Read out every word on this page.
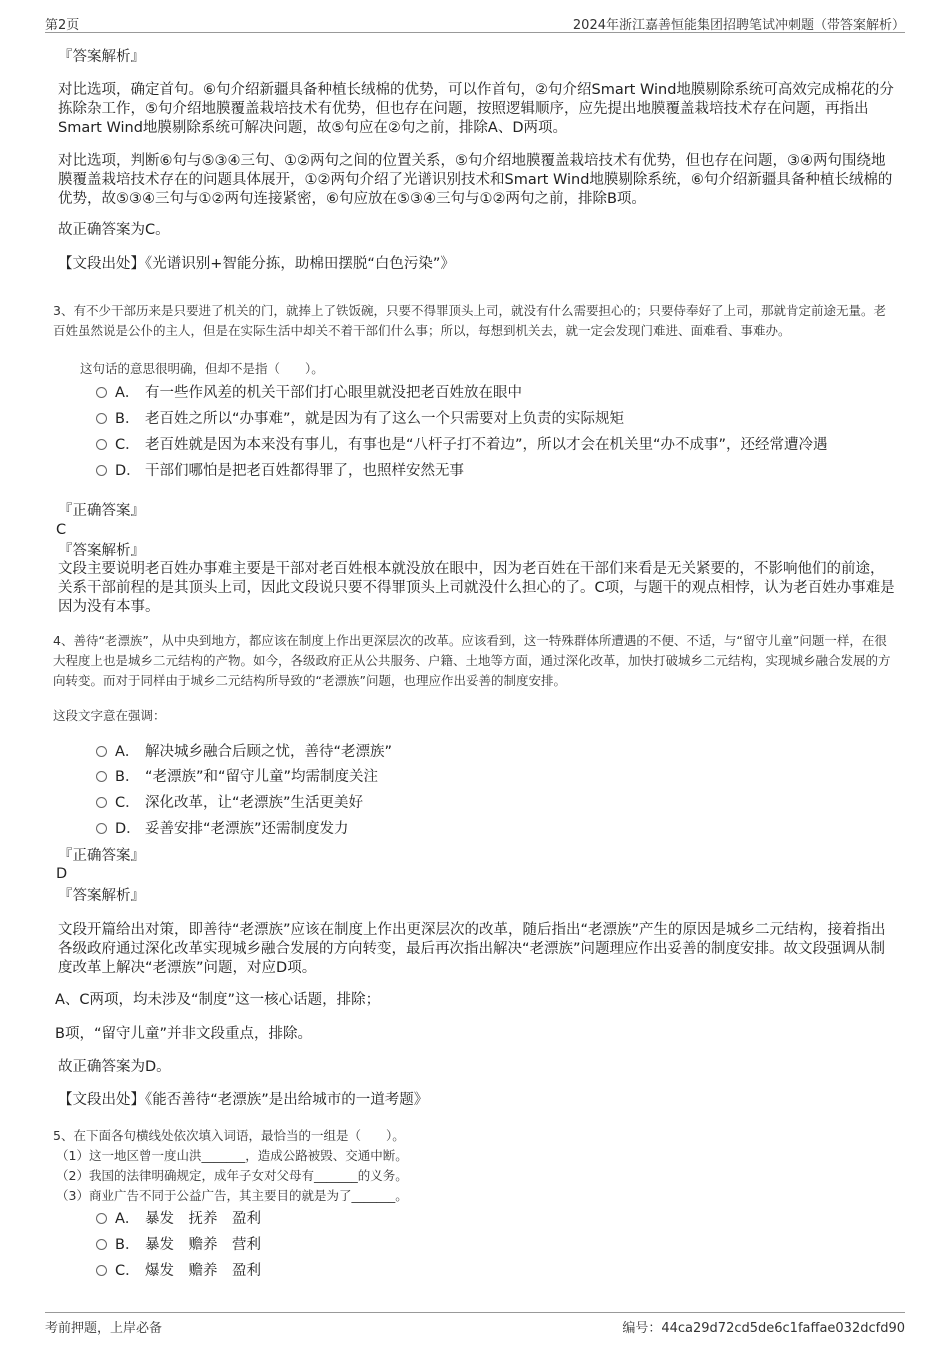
第2页	2024年浙江嘉善恒能集团招聘笔试冲刺题（带答案解析）

『答案解析』

对比选项，确定首句。⑥句介绍新疆具备种植长绒棉的优势，可以作首句，②句介绍Smart Wind地膜剔除系统可高效完成棉花的分拣除杂工作，⑤句介绍地膜覆盖栽培技术有优势，但也存在问题，按照逻辑顺序，应先提出地膜覆盖栽培技术存在问题，再指出Smart Wind地膜剔除系统可解决问题，故⑤句应在②句之前，排除A、D两项。

对比选项，判断⑥句与⑤③④三句、①②两句之间的位置关系，⑤句介绍地膜覆盖栽培技术有优势，但也存在问题，③④两句围绕地膜覆盖栽培技术存在的问题具体展开，①②两句介绍了光谱识别技术和Smart Wind地膜剔除系统，⑥句介绍新疆具备种植长绒棉的优势，故⑤③④三句与①②两句连接紧密，⑥句应放在⑤③④三句与①②两句之前，排除B项。

故正确答案为C。

【文段出处】《光谱识别+智能分拣，助棉田摆脱“白色污染”》

3、有不少干部历来是只要进了机关的门，就捧上了铁饭碗，只要不得罪顶头上司，就没有什么需要担心的；只要侍奉好了上司，那就肯定前途无量。老百姓虽然说是公仆的主人，但是在实际生活中却关不着干部们什么事；所以，每想到机关去，就一定会发现门难进、面难看、事难办。

这句话的意思很明确，但却不是指（　　）。

A． 有一些作风差的机关干部们打心眼里就没把老百姓放在眼中
B． 老百姓之所以“办事难”，就是因为有了这么一个只需要对上负责的实际规矩
C． 老百姓就是因为本来没有事儿，有事也是“八杆子打不着边”，所以才会在机关里“办不成事”，还经常遭冷遇
D． 干部们哪怕是把老百姓都得罪了，也照样安然无事

『正确答案』

C

『答案解析』

文段主要说明老百姓办事难主要是干部对老百姓根本就没放在眼中，因为老百姓在干部们来看是无关紧要的，不影响他们的前途，关系干部前程的是其顶头上司，因此文段说只要不得罪顶头上司就没什么担心的了。C项，与题干的观点相悖，认为老百姓办事难是因为没有本事。

4、善待“老漂族”，从中央到地方，都应该在制度上作出更深层次的改革。应该看到，这一特殊群体所遭遇的不便、不适，与“留守儿童”问题一样，在很大程度上也是城乡二元结构的产物。如今，各级政府正从公共服务、户籍、土地等方面，通过深化改革，加快打破城乡二元结构，实现城乡融合发展的方向转变。而对于同样由于城乡二元结构所导致的“老漂族”问题，也理应作出妥善的制度安排。

这段文字意在强调：

A． 解决城乡融合后顾之忧，善待“老漂族”
B． “老漂族”和“留守儿童”均需制度关注
C． 深化改革，让“老漂族”生活更美好
D． 妥善安排“老漂族”还需制度发力

『正确答案』

D

『答案解析』

文段开篇给出对策，即善待“老漂族”应该在制度上作出更深层次的改革，随后指出“老漂族”产生的原因是城乡二元结构，接着指出各级政府通过深化改革实现城乡融合发展的方向转变，最后再次指出解决“老漂族”问题理应作出妥善的制度安排。故文段强调从制度改革上解决“老漂族”问题，对应D项。

A、C两项，均未涉及“制度”这一核心话题，排除；

B项，“留守儿童”并非文段重点，排除。

故正确答案为D。

【文段出处】《能否善待“老漂族”是出给城市的一道考题》

5、在下面各句横线处依次填入词语，最恰当的一组是（　　）。

（1）这一地区曾一度山洪_______，造成公路被毁、交通中断。

（2）我国的法律明确规定，成年子女对父母有_______的义务。

（3）商业广告不同于公益广告，其主要目的就是为了_______。

A． 暴发　抚养　盈利
B． 暴发　赡养　营利
C． 爆发　赡养　盈利
考前押题，上岸必备	编号：44ca29d72cd5de6c1faffae032dcfd90
